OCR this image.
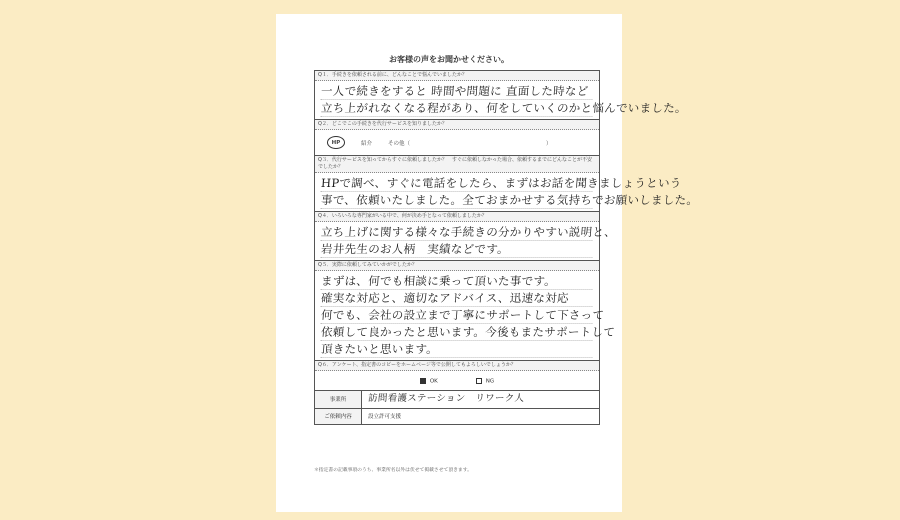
お客様の声をお聞かせください。
Q１．手続きを依頼される前に、どんなことで悩んでいましたか？
一人で続きをすると 時間や問題に 直面した時など
立ち上がれなくなる程があり、何をしていくのかと悩んでいました。
Q２．どこでこの手続きを代行サービスを知りましたか？
HP	紹介	その他（	）
Q３．代行サービスを知ってからすぐに依頼しましたか？　すぐに依頼しなかった場合、依頼するまでにどんなことが不安でしたか？
HPで調べ、すぐに電話をしたら、まずはお話を聞きましょうという
事で、依頼いたしました。全ておまかせする気持ちでお願いしました。
Q４．いろいろな専門家がいる中で、何が決め手となって依頼しましたか？
立ち上げに関する様々な手続きの分かりやすい説明と、
岩井先生のお人柄　実績などです。
Q５．実際に依頼してみていかがでしたか？
まずは、何でも相談に乗って頂いた事です。
確実な対応と、適切なアドバイス、迅速な対応
何でも、会社の設立まで丁寧にサポートして下さって
依頼して良かったと思います。今後もまたサポートして
頂きたいと思います。
Q６．アンケート、指定書のコピーをホームページ等で公開してもよろしいでしょうか？
OK	NG
事業所	訪問看護ステーション　リワーク人
ご依頼内容	設立許可支援
＊指定書の記載事項のうち、事業所名以外は伏せて掲載させて頂きます。
